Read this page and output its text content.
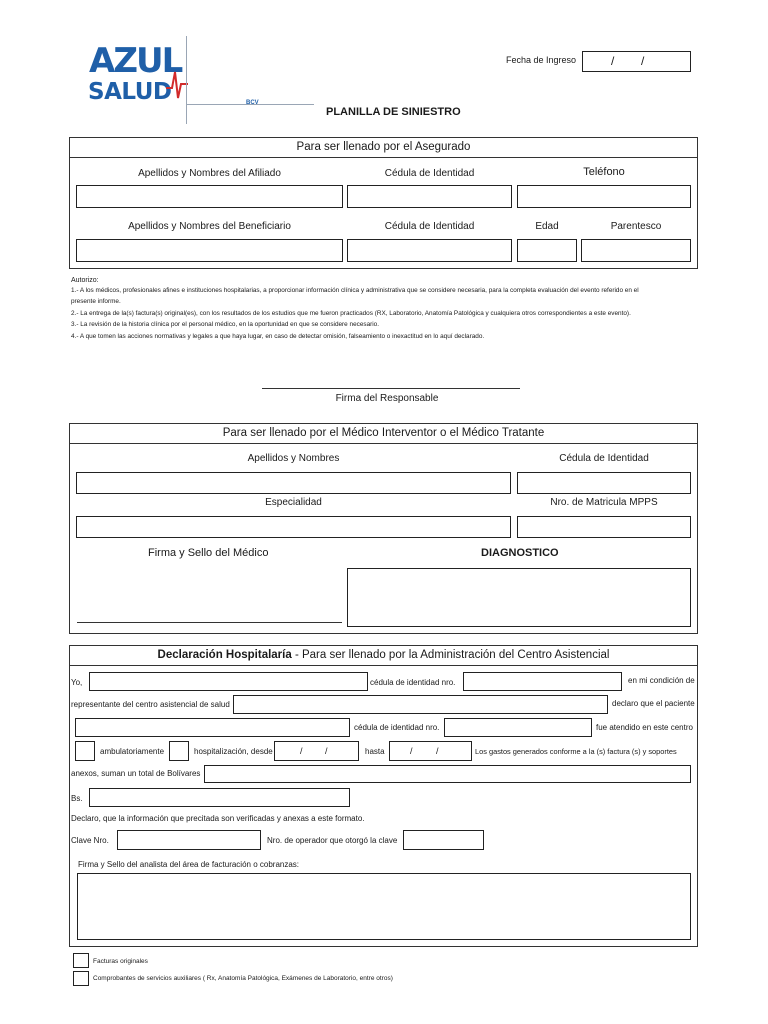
AZUL
SALUD	BCV
Fecha de Ingreso	/ /
PLANILLA DE SINIESTRO
Para ser llenado por el Asegurado
Apellidos y Nombres del Afiliado	Cédula de Identidad	Teléfono
Apellidos y Nombres del Beneficiario	Cédula de Identidad	Edad	Parentesco
Autorizo:
1.- A los médicos, profesionales afines e instituciones hospitalarias, a proporcionar información clínica y administrativa que se considere necesaria, para la completa evaluación del evento referido en el
presente informe.
2.- La entrega de la(s) factura(s) original(es), con los resultados de los estudios que me fueron practicados (RX, Laboratorio, Anatomía Patológica y cualquiera otros correspondientes a este evento).
3.- La revisión de la historia clínica por el personal médico, en la oportunidad en que se considere necesario.
4.- A que tomen las acciones normativas y legales a que haya lugar, en caso de detectar omisión, falseamiento o inexactitud en lo aquí declarado.
Firma del Responsable
Para ser llenado por el Médico Interventor o el Médico Tratante
Apellidos y Nombres	Cédula de Identidad
Especialidad	Nro. de Matricula MPPS
Firma y Sello del Médico	DIAGNOSTICO
Declaración Hospitalaría - Para ser llenado por la Administración del Centro Asistencial
Yo,	cédula de identidad nro.	en mi condición de
representante del centro asistencial de salud	declaro que el paciente
cédula de identidad nro.	fue atendido en este centro
ambulatoriamente	hospitalización, desde	/ /	hasta	/	/	Los gastos generados conforme a la (s) factura (s) y soportes
anexos, suman un total de Bolívares
Bs.
Declaro, que la información que precitada son verificadas y anexas a este formato.
Clave Nro.	Nro. de operador que otorgó la clave
Firma y Sello del analista del área de facturación o cobranzas:
Facturas originales
Comprobantes de servicios auxiliares ( Rx, Anatomía Patológica, Exámenes de Laboratorio, entre otros)
